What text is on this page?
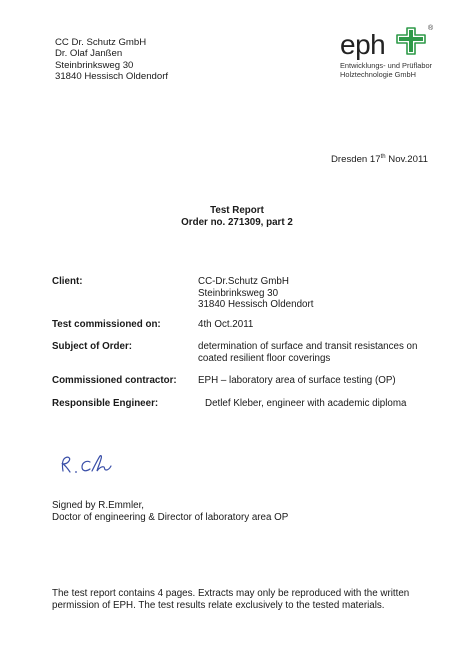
CC Dr. Schutz GmbH
Dr. Olaf Janßen
Steinbrinksweg 30
31840 Hessisch Oldendorf
eph
®
Entwicklungs- und Prüflabor
Holztechnologie GmbH
Dresden 17th Nov.2011
Test Report
Order no. 271309, part 2
Client:	CC-Dr.Schutz GmbH
Steinbrinksweg 30
31840 Hessisch Oldendort
Test commissioned on:	4th Oct.2011
Subject of Order:	determination of surface and transit resistances on
coated resilient floor coverings
Commissioned contractor: EPH – laboratory area of surface testing (OP)
Responsible Engineer:	Detlef Kleber, engineer with academic diploma
Signed by R.Emmler,
Doctor of engineering & Director of laboratory area OP
The test report contains 4 pages. Extracts may only be reproduced with the written
permission of EPH. The test results relate exclusively to the tested materials.
